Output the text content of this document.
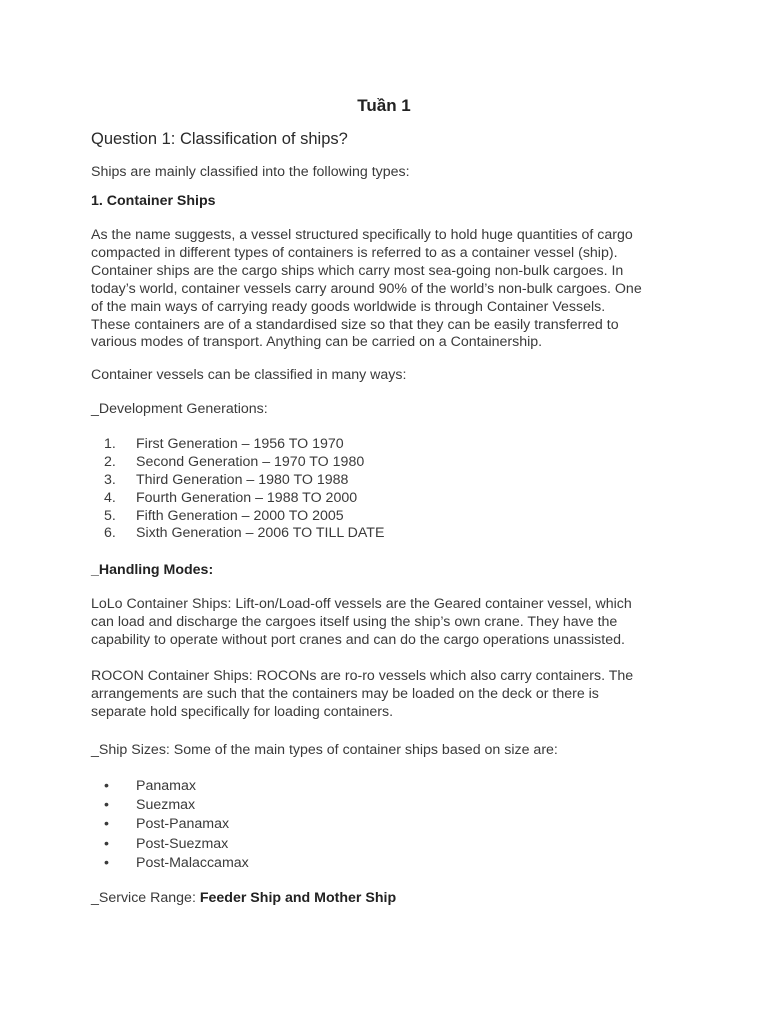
Tuần 1
Question 1: Classification of ships?
Ships are mainly classified into the following types:
1. Container Ships

As the name suggests, a vessel structured specifically to hold huge quantities of cargo

compacted in different types of containers is referred to as a container vessel (ship).

Container ships are the cargo ships which carry most sea-going non-bulk cargoes. In

today’s world, container vessels carry around 90% of the world’s non-bulk cargoes. One

of the main ways of carrying ready goods worldwide is through Container Vessels.

These containers are of a standardised size so that they can be easily transferred to

various modes of transport. Anything can be carried on a Containership.

Container vessels can be classified in many ways:
_Development Generations:
1.	First Generation – 1956 TO 1970
2.	Second Generation – 1970 TO 1980
3.	Third Generation – 1980 TO 1988
4.	Fourth Generation – 1988 TO 2000
5.	Fifth Generation – 2000 TO 2005
6.	Sixth Generation – 2006 TO TILL DATE
_Handling Modes:

LoLo Container Ships: Lift-on/Load-off vessels are the Geared container vessel, which

can load and discharge the cargoes itself using the ship’s own crane. They have the

capability to operate without port cranes and can do the cargo operations unassisted.

ROCON Container Ships: ROCONs are ro-ro vessels which also carry containers. The

arrangements are such that the containers may be loaded on the deck or there is

separate hold specifically for loading containers.

_Ship Sizes: Some of the main types of container ships based on size are:
• Panamax
• Suezmax
• Post-Panamax
• Post-Suezmax
• Post-Malaccamax
_Service Range: Feeder Ship and Mother Ship
